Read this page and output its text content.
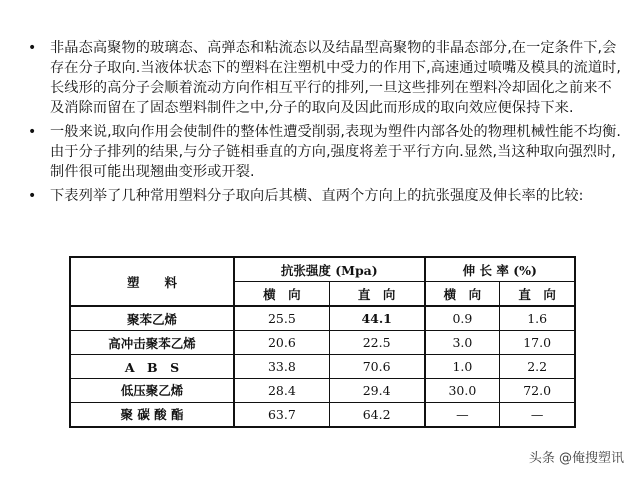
• 非晶态高聚物的玻璃态、高弹态和粘流态以及结晶型高聚物的非晶态部分,在一定条件下,会存在分子取向.当液体状态下的塑料在注塑机中受力的作用下,高速通过喷嘴及模具的流道时,长线形的高分子会顺着流动方向作相互平行的排列,一旦这些排列在塑料冷却固化之前来不及消除而留在了固态塑料制件之中,分子的取向及因此而形成的取向效应便保持下来.
• 一般来说,取向作用会使制件的整体性遭受削弱,表现为塑件内部各处的物理机械性能不均衡.由于分子排列的结果,与分子链相垂直的方向,强度将差于平行方向.显然,当这种取向强烈时,制件很可能出现翘曲变形或开裂.
• 下表列举了几种常用塑料分子取向后其横、直两个方向上的抗张强度及伸长率的比较:
塑　　料	抗张强度 (Mpa)		伸 长 率 (%)	
	横　向	直　向	横　向	直　向
聚苯乙烯	25.5	44.1	0.9	1.6
高冲击聚苯乙烯	20.6	22.5	3.0	17.0
A　B　S	33.8	70.6	1.0	2.2
低压聚乙烯	28.4	29.4	30.0	72.0
聚 碳 酸 酯	63.7	64.2	—	—
头条 @俺搜塑讯
